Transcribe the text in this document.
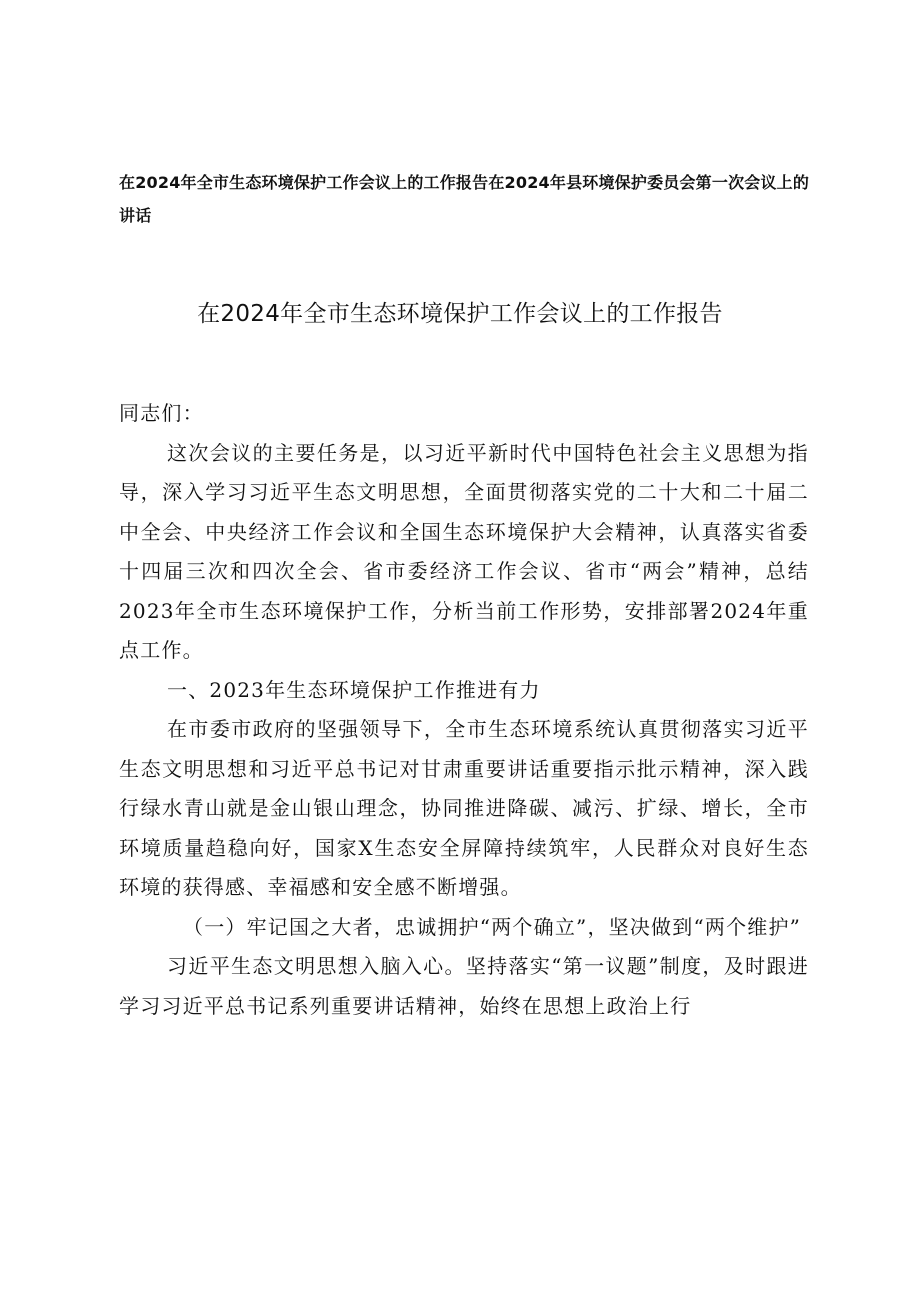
在2024年全市生态环境保护工作会议上的工作报告在2024年县环境保护委员会第一次会议上的讲话
在2024年全市生态环境保护工作会议上的工作报告

同志们：

这次会议的主要任务是，以习近平新时代中国特色社会主义思想为指导，深入学习习近平生态文明思想，全面贯彻落实党的二十大和二十届二中全会、中央经济工作会议和全国生态环境保护大会精神，认真落实省委十四届三次和四次全会、省市委经济工作会议、省市“两会”精神，总结2023年全市生态环境保护工作，分析当前工作形势，安排部署2024年重点工作。

一、2023年生态环境保护工作推进有力

在市委市政府的坚强领导下，全市生态环境系统认真贯彻落实习近平生态文明思想和习近平总书记对甘肃重要讲话重要指示批示精神，深入践行绿水青山就是金山银山理念，协同推进降碳、减污、扩绿、增长，全市环境质量趋稳向好，国家X生态安全屏障持续筑牢，人民群众对良好生态环境的获得感、幸福感和安全感不断增强。

（一）牢记国之大者，忠诚拥护“两个确立”，坚决做到“两个维护”

习近平生态文明思想入脑入心。坚持落实“第一议题”制度，及时跟进学习习近平总书记系列重要讲话精神，始终在思想上政治上行
